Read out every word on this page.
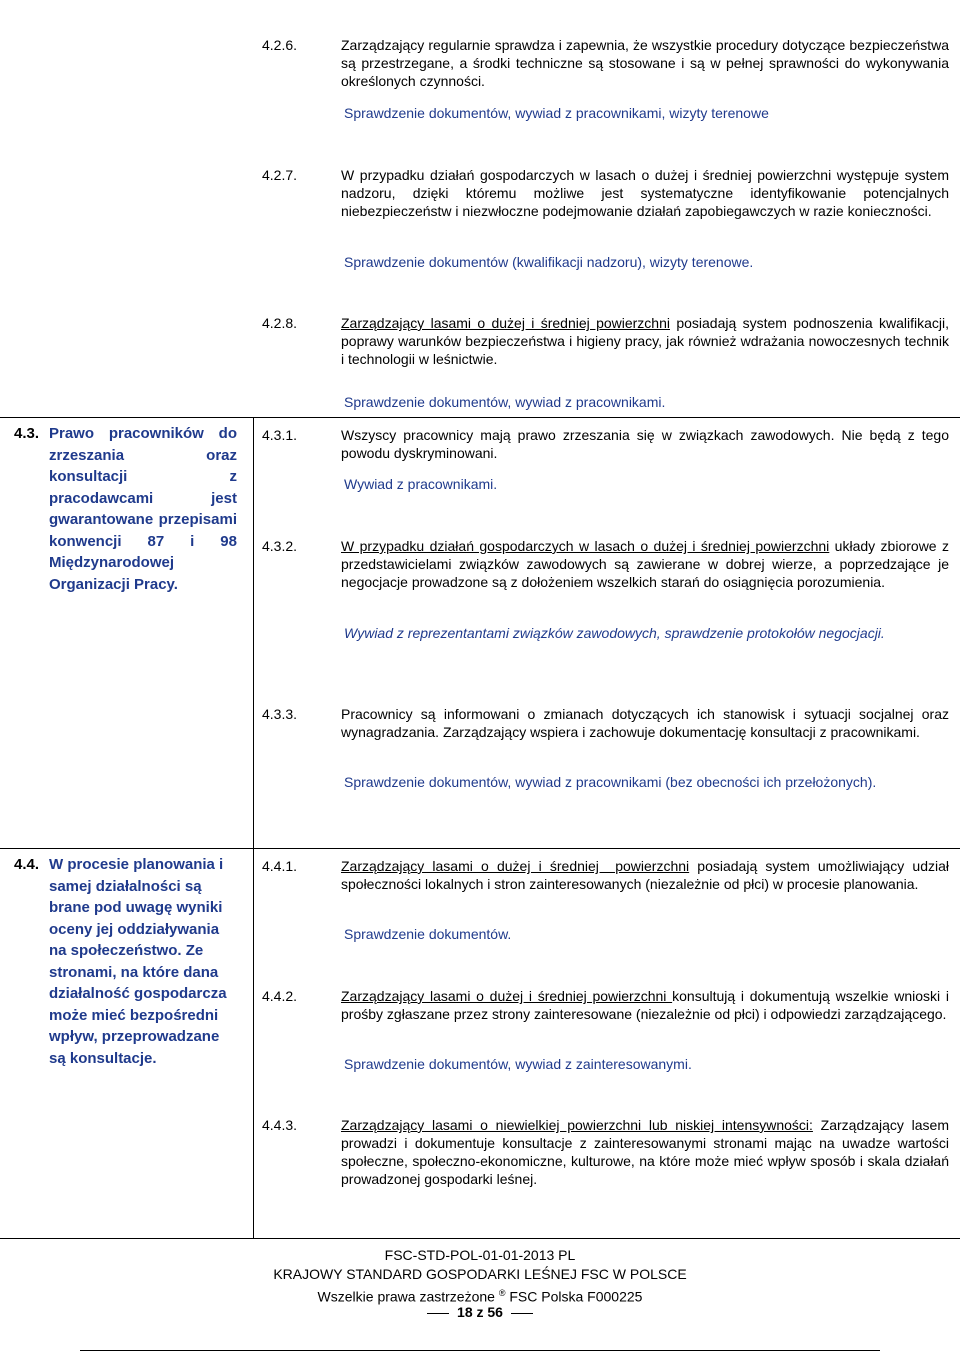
4.2.6.	Zarządzający regularnie sprawdza i zapewnia, że wszystkie procedury dotyczące bezpieczeństwa są przestrzegane, a środki techniczne są stosowane i są w pełnej sprawności do wykonywania określonych czynności.

Sprawdzenie dokumentów, wywiad z pracownikami, wizyty terenowe

4.2.7.	W przypadku działań gospodarczych w lasach o dużej i średniej powierzchni występuje system nadzoru, dzięki któremu możliwe jest systematyczne identyfikowanie potencjalnych niebezpieczeństw i niezwłoczne podejmowanie działań zapobiegawczych w razie konieczności.

Sprawdzenie dokumentów (kwalifikacji nadzoru), wizyty terenowe.

4.2.8.	Zarządzający lasami o dużej i średniej powierzchni posiadają system podnoszenia kwalifikacji, poprawy warunków bezpieczeństwa i higieny pracy, jak również wdrażania nowoczesnych technik i technologii w leśnictwie.

Sprawdzenie dokumentów, wywiad z pracownikami.

4.3. Prawo pracowników do zrzeszania oraz konsultacji z pracodawcami jest gwarantowane przepisami konwencji 87 i 98 Międzynarodowej Organizacji Pracy.
4.3.1.	Wszyscy pracownicy mają prawo zrzeszania się w związkach zawodowych. Nie będą z tego powodu dyskryminowani.

Wywiad z pracownikami.

4.3.2.	W przypadku działań gospodarczych w lasach o dużej i średniej powierzchni układy zbiorowe z przedstawicielami związków zawodowych są zawierane w dobrej wierze, a poprzedzające je negocjacje prowadzone są z dołożeniem wszelkich starań do osiągnięcia porozumienia.

Wywiad z reprezentantami związków zawodowych, sprawdzenie protokołów negocjacji.

4.3.3.	Pracownicy są informowani o zmianach dotyczących ich stanowisk i sytuacji socjalnej oraz wynagradzania. Zarządzający wspiera i zachowuje dokumentację konsultacji z pracownikami.

Sprawdzenie dokumentów, wywiad z pracownikami (bez obecności ich przełożonych).

4.4. W procesie planowania i samej działalności są brane pod uwagę wyniki oceny jej oddziaływania na społeczeństwo. Ze stronami, na które dana działalność gospodarcza może mieć bezpośredni wpływ, przeprowadzane są konsultacje.
4.4.1.	Zarządzający lasami o dużej i średniej  powierzchni posiadają system umożliwiający udział społeczności lokalnych i stron zainteresowanych (niezależnie od płci) w procesie planowania.

Sprawdzenie dokumentów.

4.4.2.	Zarządzający lasami o dużej i średniej powierzchni konsultują i dokumentują wszelkie wnioski i prośby zgłaszane przez strony zainteresowane (niezależnie od płci) i odpowiedzi zarządzającego.

Sprawdzenie dokumentów, wywiad z zainteresowanymi.

4.4.3.	Zarządzający lasami o niewielkiej powierzchni lub niskiej intensywności: Zarządzający lasem prowadzi i dokumentuje konsultacje z zainteresowanymi stronami mając na uwadze wartości społeczne, społeczno-ekonomiczne, kulturowe, na które może mieć wpływ sposób i skala działań prowadzonej gospodarki leśnej.

FSC-STD-POL-01-01-2013 PL
KRAJOWY STANDARD GOSPODARKI LEŚNEJ FSC W POLSCE
Wszelkie prawa zastrzeżone ® FSC Polska F000225
18 z 56
